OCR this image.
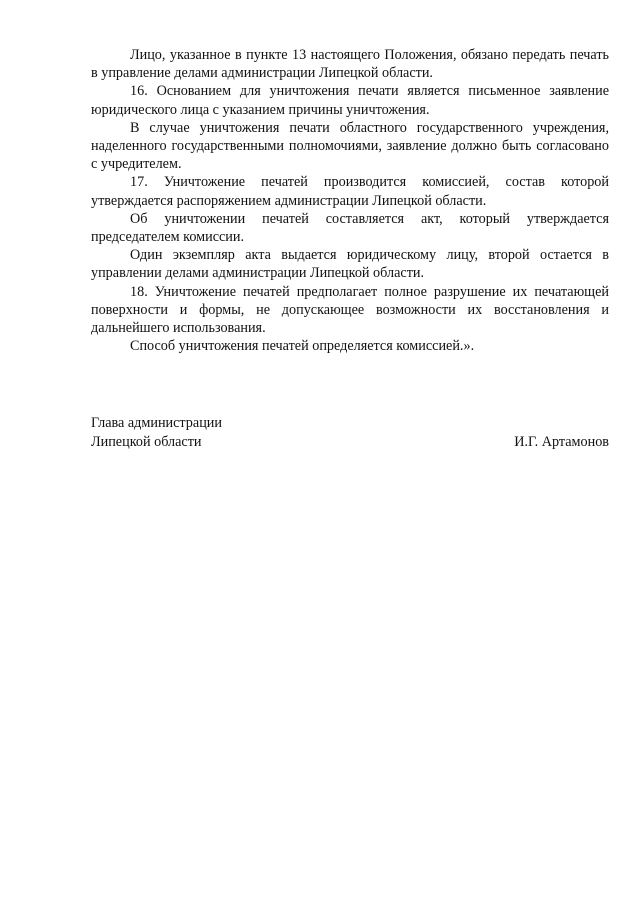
Лицо, указанное в пункте 13 настоящего Положения, обязано передать печать в управление делами администрации Липецкой области.

16. Основанием для уничтожения печати является письменное заявление юридического лица с указанием причины уничтожения.

В случае уничтожения печати областного государственного учреждения, наделенного государственными полномочиями, заявление должно быть согласовано с учредителем.

17. Уничтожение печатей производится комиссией, состав которой утверждается распоряжением администрации Липецкой области.

Об уничтожении печатей составляется акт, который утверждается председателем комиссии.

Один экземпляр акта выдается юридическому лицу, второй остается в управлении делами администрации Липецкой области.

18. Уничтожение печатей предполагает полное разрушение их печатающей поверхности и формы, не допускающее возможности их восстановления и дальнейшего использования.

Способ уничтожения печатей определяется комиссией.».

Глава администрации
Липецкой области	И.Г. Артамонов
